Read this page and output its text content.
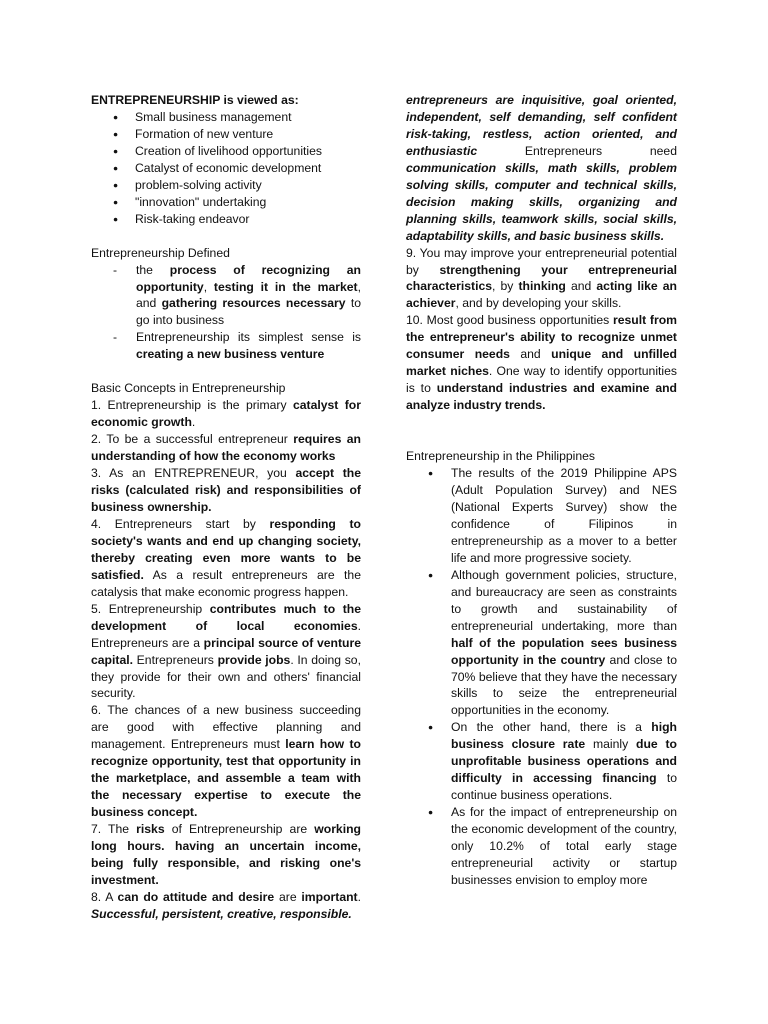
ENTREPRENEURSHIP is viewed as:

● Small business management
● Formation of new venture
● Creation of livelihood opportunities
● Catalyst of economic development
● problem-solving activity
● "innovation" undertaking
● Risk-taking endeavor

Entrepreneurship Defined

- the process of recognizing an opportunity, testing it in the market, and gathering resources necessary to go into business
- Entrepreneurship its simplest sense is creating a new business venture

Basic Concepts in Entrepreneurship

1. Entrepreneurship is the primary catalyst for economic growth.

2. To be a successful entrepreneur requires an understanding of how the economy works

3. As an ENTREPRENEUR, you accept the risks (calculated risk) and responsibilities of business ownership.

4. Entrepreneurs start by responding to society's wants and end up changing society, thereby creating even more wants to be satisfied. As a result entrepreneurs are the catalysis that make economic progress happen.

5. Entrepreneurship contributes much to the development of local economies. Entrepreneurs are a principal source of venture capital. Entrepreneurs provide jobs. In doing so, they provide for their own and others' financial security.

6. The chances of a new business succeeding are good with effective planning and management. Entrepreneurs must learn how to recognize opportunity, test that opportunity in the marketplace, and assemble a team with the necessary expertise to execute the business concept.

7. The risks of Entrepreneurship are working long hours. having an uncertain income, being fully responsible, and risking one's investment.

8. A can do attitude and desire are important. Successful, persistent, creative, responsible.

entrepreneurs are inquisitive, goal oriented, independent, self demanding, self confident risk-taking, restless, action oriented, and enthusiastic Entrepreneurs need communication skills, math skills, problem solving skills, computer and technical skills, decision making skills, organizing and planning skills, teamwork skills, social skills, adaptability skills, and basic business skills.

9. You may improve your entrepreneurial potential by strengthening your entrepreneurial characteristics, by thinking and acting like an achiever, and by developing your skills.

10. Most good business opportunities result from the entrepreneur's ability to recognize unmet consumer needs and unique and unfilled market niches. One way to identify opportunities is to understand industries and examine and analyze industry trends.

Entrepreneurship in the Philippines

● The results of the 2019 Philippine APS (Adult Population Survey) and NES (National Experts Survey) show the confidence of Filipinos in entrepreneurship as a mover to a better life and more progressive society.
● Although government policies, structure, and bureaucracy are seen as constraints to growth and sustainability of entrepreneurial undertaking, more than half of the population sees business opportunity in the country and close to 70% believe that they have the necessary skills to seize the entrepreneurial opportunities in the economy.
● On the other hand, there is a high business closure rate mainly due to unprofitable business operations and difficulty in accessing financing to continue business operations.
● As for the impact of entrepreneurship on the economic development of the country, only 10.2% of total early stage entrepreneurial activity or startup businesses envision to employ more
